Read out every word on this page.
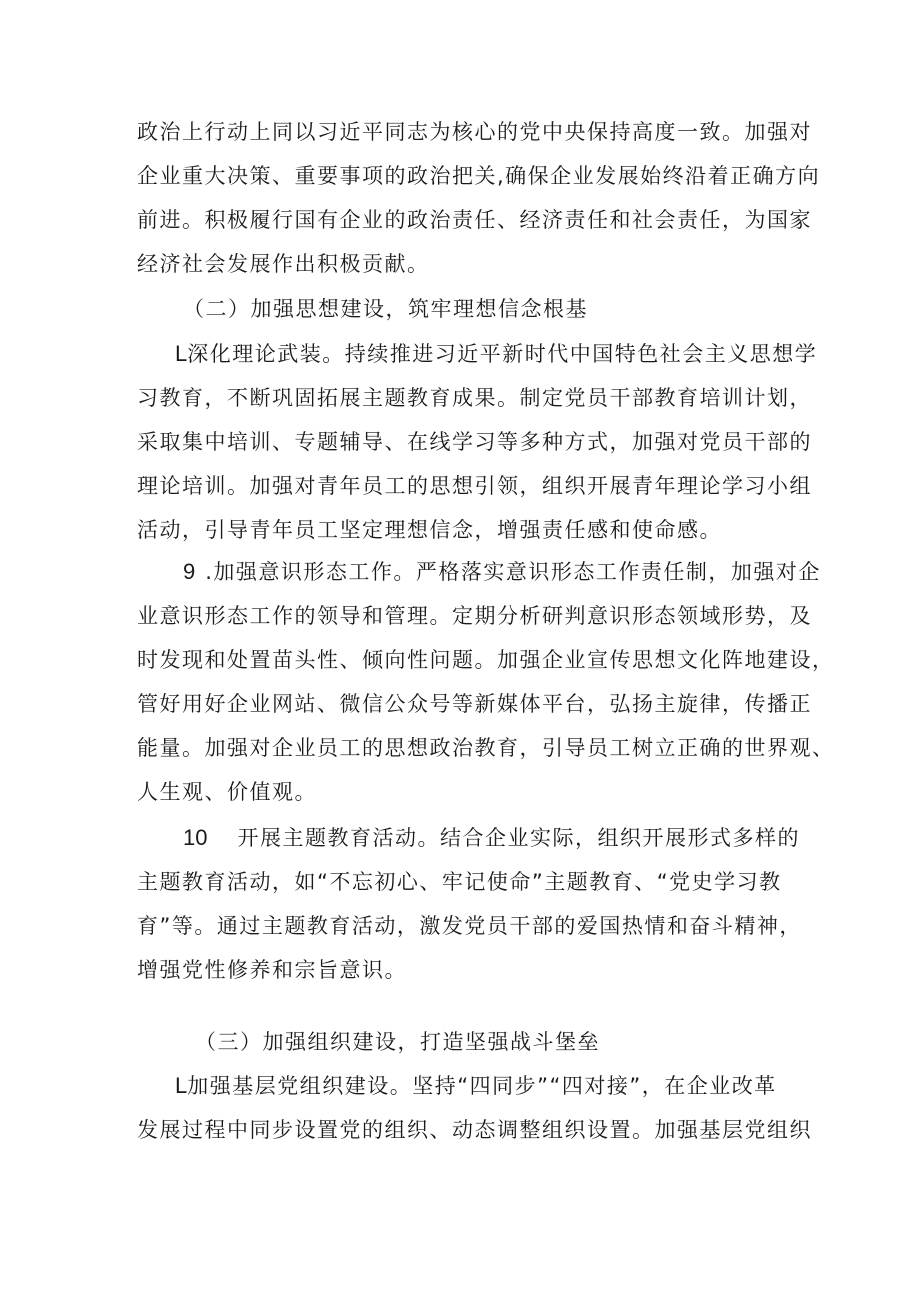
政治上行动上同以习近平同志为核心的党中央保持高度一致。加强对
企业重大决策、重要事项的政治把关,确保企业发展始终沿着正确方向
前进。积极履行国有企业的政治责任、经济责任和社会责任，为国家
经济社会发展作出积极贡献。
（二）加强思想建设，筑牢理想信念根基
L深化理论武装。持续推进习近平新时代中国特色社会主义思想学
习教育，不断巩固拓展主题教育成果。制定党员干部教育培训计划，
采取集中培训、专题辅导、在线学习等多种方式，加强对党员干部的
理论培训。加强对青年员工的思想引领，组织开展青年理论学习小组
活动，引导青年员工坚定理想信念，增强责任感和使命感。
9 .加强意识形态工作。严格落实意识形态工作责任制，加强对企
业意识形态工作的领导和管理。定期分析研判意识形态领域形势，及
时发现和处置苗头性、倾向性问题。加强企业宣传思想文化阵地建设，
管好用好企业网站、微信公众号等新媒体平台，弘扬主旋律，传播正
能量。加强对企业员工的思想政治教育，引导员工树立正确的世界观、
人生观、价值观。
10 开展主题教育活动。结合企业实际，组织开展形式多样的
主题教育活动，如“不忘初心、牢记使命”主题教育、“党史学习教
育”等。通过主题教育活动，激发党员干部的爱国热情和奋斗精神，
增强党性修养和宗旨意识。
（三）加强组织建设，打造坚强战斗堡垒
L加强基层党组织建设。坚持“四同步”“四对接”，在企业改革
发展过程中同步设置党的组织、动态调整组织设置。加强基层党组织
